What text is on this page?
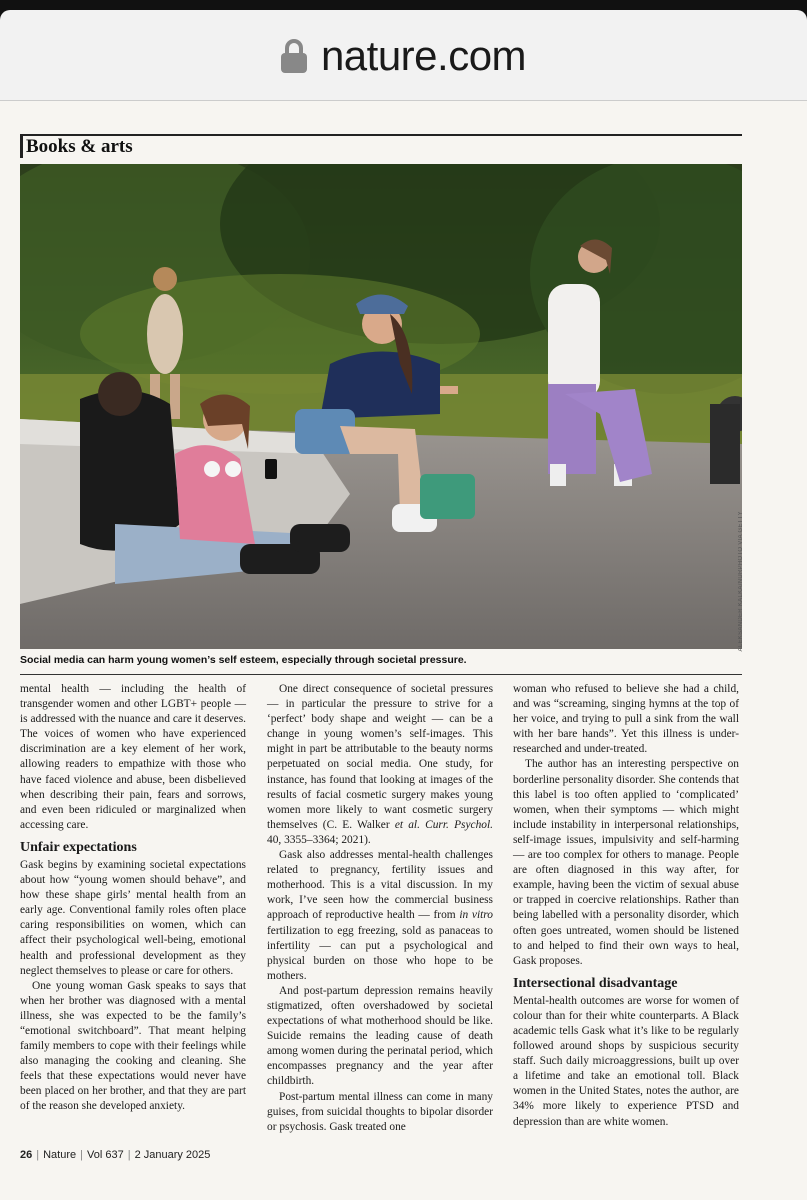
nature.com
Books & arts
ALEKSANDER KALKA/NURPHOTO VIA GETTY
Social media can harm young women’s self esteem, especially through societal pressure.

mental health — including the health of transgender women and other LGBT+ people — is addressed with the nuance and care it deserves. The voices of women who have experienced discrimination are a key element of her work, allowing readers to empathize with those who have faced violence and abuse, been disbelieved when describing their pain, fears and sorrows, and even been ridiculed or marginalized when accessing care.

Unfair expectations

Gask begins by examining societal expectations about how “young women should behave”, and how these shape girls’ mental health from an early age. Conventional family roles often place caring responsibilities on women, which can affect their psychological well-being, emotional health and professional development as they neglect themselves to please or care for others.

One young woman Gask speaks to says that when her brother was diagnosed with a mental illness, she was expected to be the family’s “emotional switchboard”. That meant helping family members to cope with their feelings while also managing the cooking and cleaning. She feels that these expectations would never have been placed on her brother, and that they are part of the reason she developed anxiety.

One direct consequence of societal pressures — in particular the pressure to strive for a ‘perfect’ body shape and weight — can be a change in young women’s self-images. This might in part be attributable to the beauty norms perpetuated on social media. One study, for instance, has found that looking at images of the results of facial cosmetic surgery makes young women more likely to want cosmetic surgery themselves (C. E. Walker et al. Curr. Psychol. 40, 3355–3364; 2021).

Gask also addresses mental-health challenges related to pregnancy, fertility issues and motherhood. This is a vital discussion. In my work, I’ve seen how the commercial business approach of reproductive health — from in vitro fertilization to egg freezing, sold as panaceas to infertility — can put a psychological and physical burden on those who hope to be mothers.

And post-partum depression remains heavily stigmatized, often overshadowed by societal expectations of what motherhood should be like. Suicide remains the leading cause of death among women during the perinatal period, which encompasses pregnancy and the year after childbirth.

Post-partum mental illness can come in many guises, from suicidal thoughts to bipolar disorder or psychosis. Gask treated one

woman who refused to believe she had a child, and was “screaming, singing hymns at the top of her voice, and trying to pull a sink from the wall with her bare hands”. Yet this illness is under-researched and under-treated.

The author has an interesting perspective on borderline personality disorder. She contends that this label is too often applied to ‘complicated’ women, when their symptoms — which might include instability in interpersonal relationships, self-image issues, impulsivity and self-harming — are too complex for others to manage. People are often diagnosed in this way after, for example, having been the victim of sexual abuse or trapped in coercive relationships. Rather than being labelled with a personality disorder, which often goes untreated, women should be listened to and helped to find their own ways to heal, Gask proposes.

Intersectional disadvantage

Mental-health outcomes are worse for women of colour than for their white counterparts. A Black academic tells Gask what it’s like to be regularly followed around shops by suspicious security staff. Such daily microaggressions, built up over a lifetime and take an emotional toll. Black women in the United States, notes the author, are 34% more likely to experience PTSD and depression than are white women.

26 | Nature | Vol 637 | 2 January 2025
